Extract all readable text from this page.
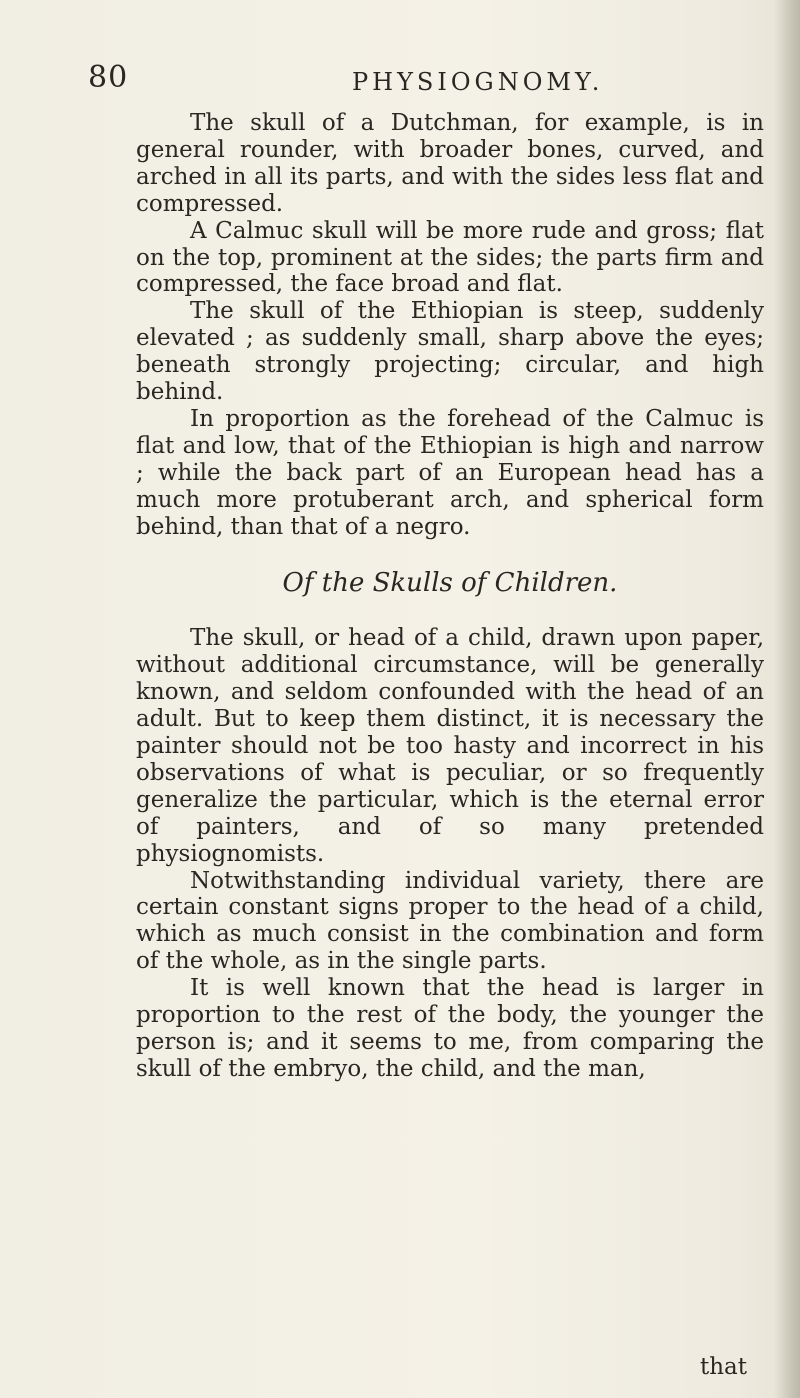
80	PHYSIOGNOMY.

The skull of a Dutchman, for example, is in general rounder, with broader bones, curved, and arched in all its parts, and with the sides less flat and compressed.

A Calmuc skull will be more rude and gross; flat on the top, prominent at the sides; the parts firm and compressed, the face broad and flat.

The skull of the Ethiopian is steep, suddenly elevated ; as suddenly small, sharp above the eyes; beneath strongly projecting; circular, and high behind.

In proportion as the forehead of the Calmuc is flat and low, that of the Ethiopian is high and narrow ; while the back part of an European head has a much more protuberant arch, and spherical form behind, than that of a negro.

Of the Skulls of Children.

The skull, or head of a child, drawn upon paper, without additional circumstance, will be generally known, and seldom confounded with the head of an adult. But to keep them distinct, it is necessary the painter should not be too hasty and incorrect in his observations of what is peculiar, or so frequently generalize the particular, which is the eternal error of painters, and of so many pretended physiognomists.

Notwithstanding individual variety, there are certain constant signs proper to the head of a child, which as much consist in the combination and form of the whole, as in the single parts.

It is well known that the head is larger in proportion to the rest of the body, the younger the person is; and it seems to me, from comparing the skull of the embryo, the child, and the man,

that
